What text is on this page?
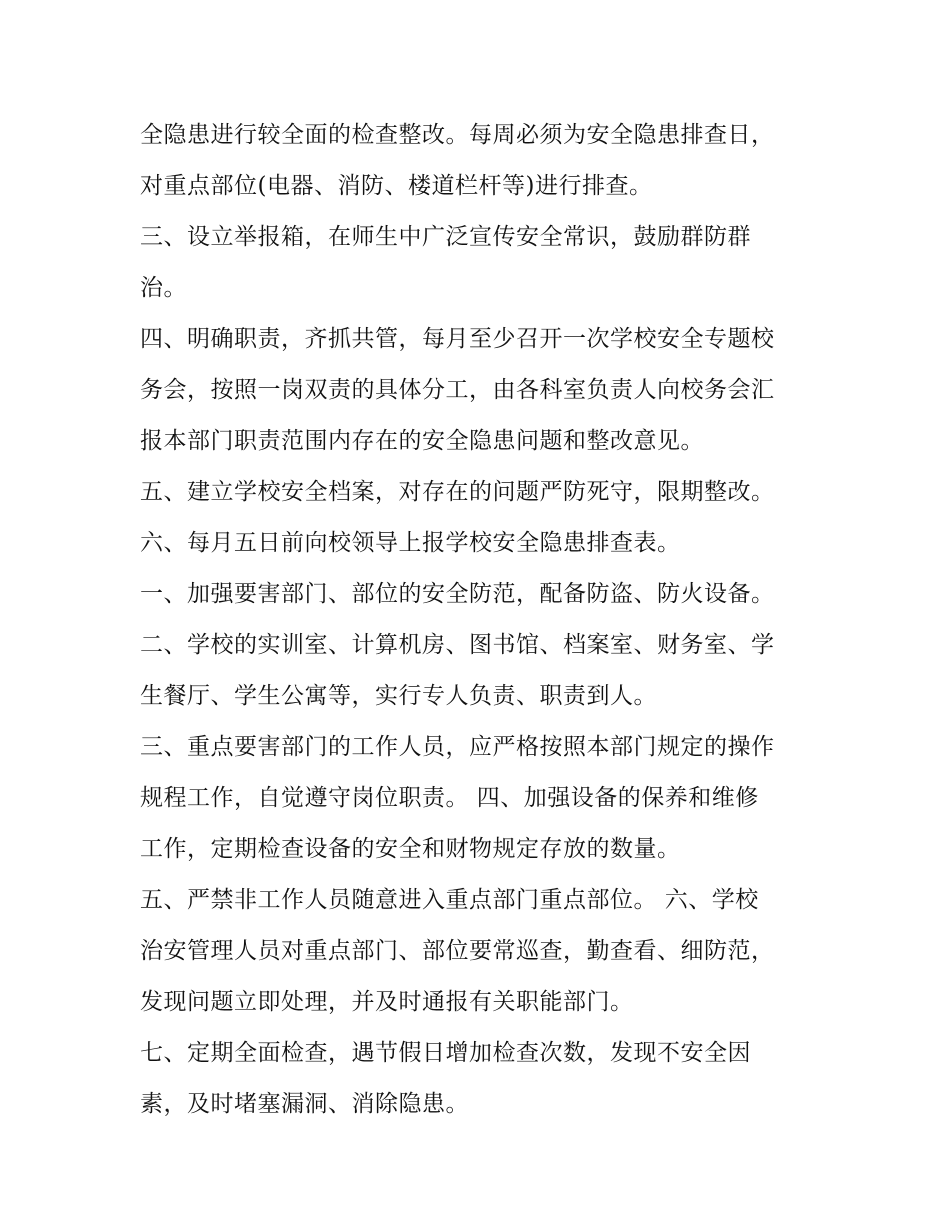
全隐患进行较全面的检查整改。每周必须为安全隐患排查日，
对重点部位(电器、消防、楼道栏杆等)进行排查。
三、设立举报箱，在师生中广泛宣传安全常识，鼓励群防群
治。
四、明确职责，齐抓共管，每月至少召开一次学校安全专题校
务会，按照一岗双责的具体分工，由各科室负责人向校务会汇
报本部门职责范围内存在的安全隐患问题和整改意见。
五、建立学校安全档案，对存在的问题严防死守，限期整改。
六、每月五日前向校领导上报学校安全隐患排查表。
一、加强要害部门、部位的安全防范，配备防盗、防火设备。
二、学校的实训室、计算机房、图书馆、档案室、财务室、学
生餐厅、学生公寓等，实行专人负责、职责到人。
三、重点要害部门的工作人员，应严格按照本部门规定的操作
规程工作，自觉遵守岗位职责。 四、加强设备的保养和维修
工作，定期检查设备的安全和财物规定存放的数量。
五、严禁非工作人员随意进入重点部门重点部位。 六、学校
治安管理人员对重点部门、部位要常巡查，勤查看、细防范，
发现问题立即处理，并及时通报有关职能部门。
七、定期全面检查，遇节假日增加检查次数，发现不安全因
素，及时堵塞漏洞、消除隐患。
